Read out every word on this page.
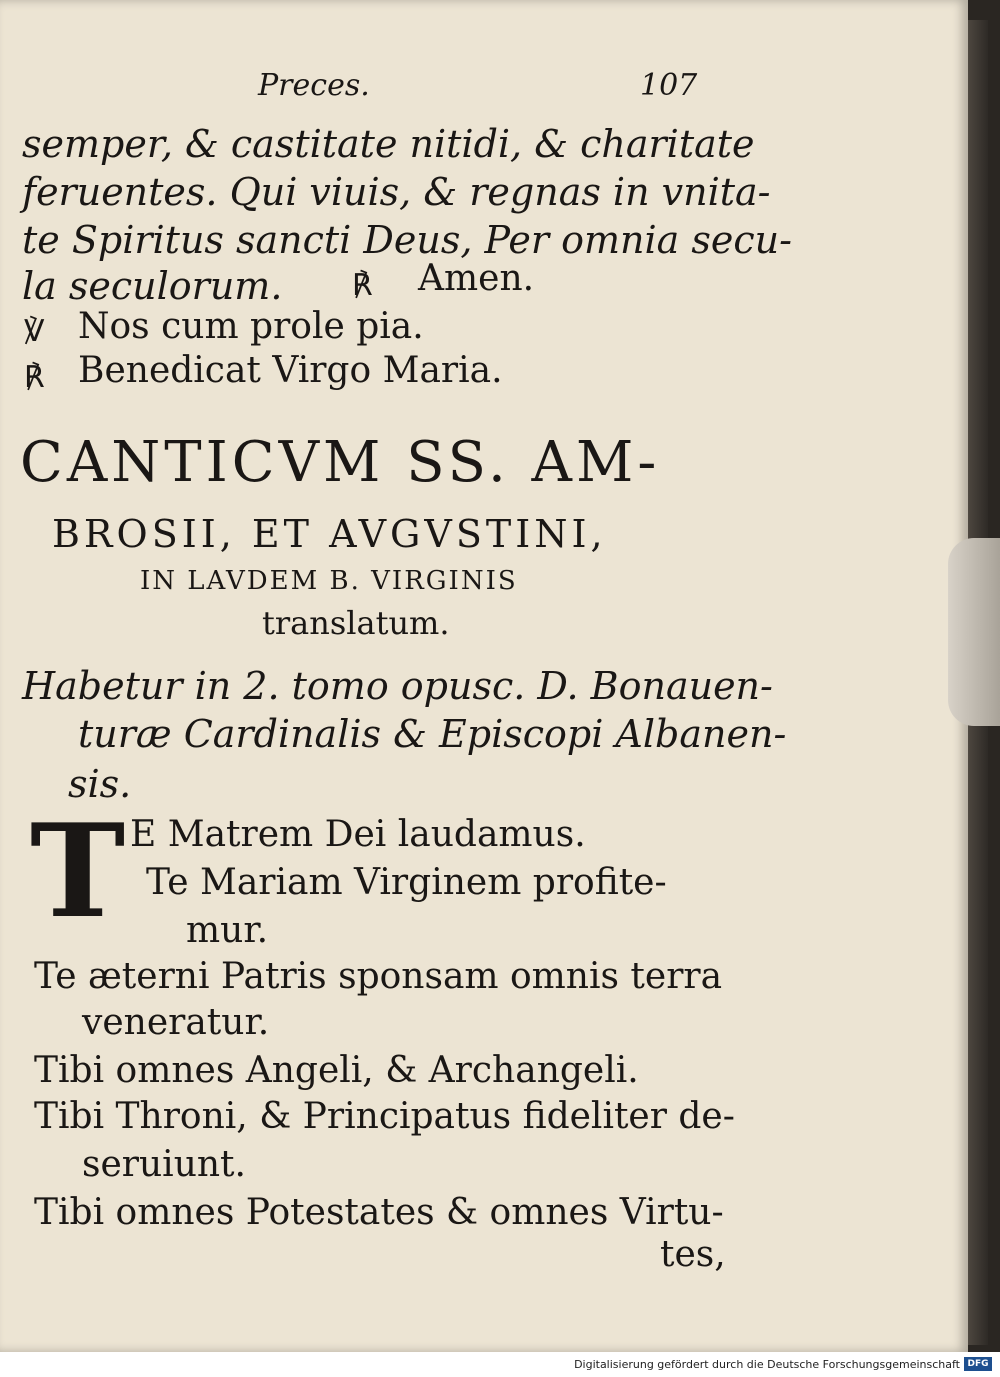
Preces.	107
semper, & castitate nitidi, & charitate
feruentes. Qui viuis, & regnas in vnita-
te Spiritus sancti Deus, Per omnia secu-
la seculorum. ℟ Amen.
℣ Nos cum prole pia.
℟ Benedicat Virgo Maria.
CANTICVM SS. AM-
BROSII, ET AVGVSTINI,
IN LAVDEM B. VIRGINIS
translatum.
Habetur in 2. tomo opusc. D. Bonauen-
turæ Cardinalis & Episcopi Albanen-
sis.
T E Matrem Dei laudamus.
Te Mariam Virginem profite-
mur.
Te æterni Patris sponsam omnis terra
veneratur.
Tibi omnes Angeli, & Archangeli.
Tibi Throni, & Principatus fideliter de-
seruiunt.
Tibi omnes Potestates & omnes Virtu-
tes,
Digitalisierung gefördert durch die Deutsche Forschungsgemeinschaft DFG
